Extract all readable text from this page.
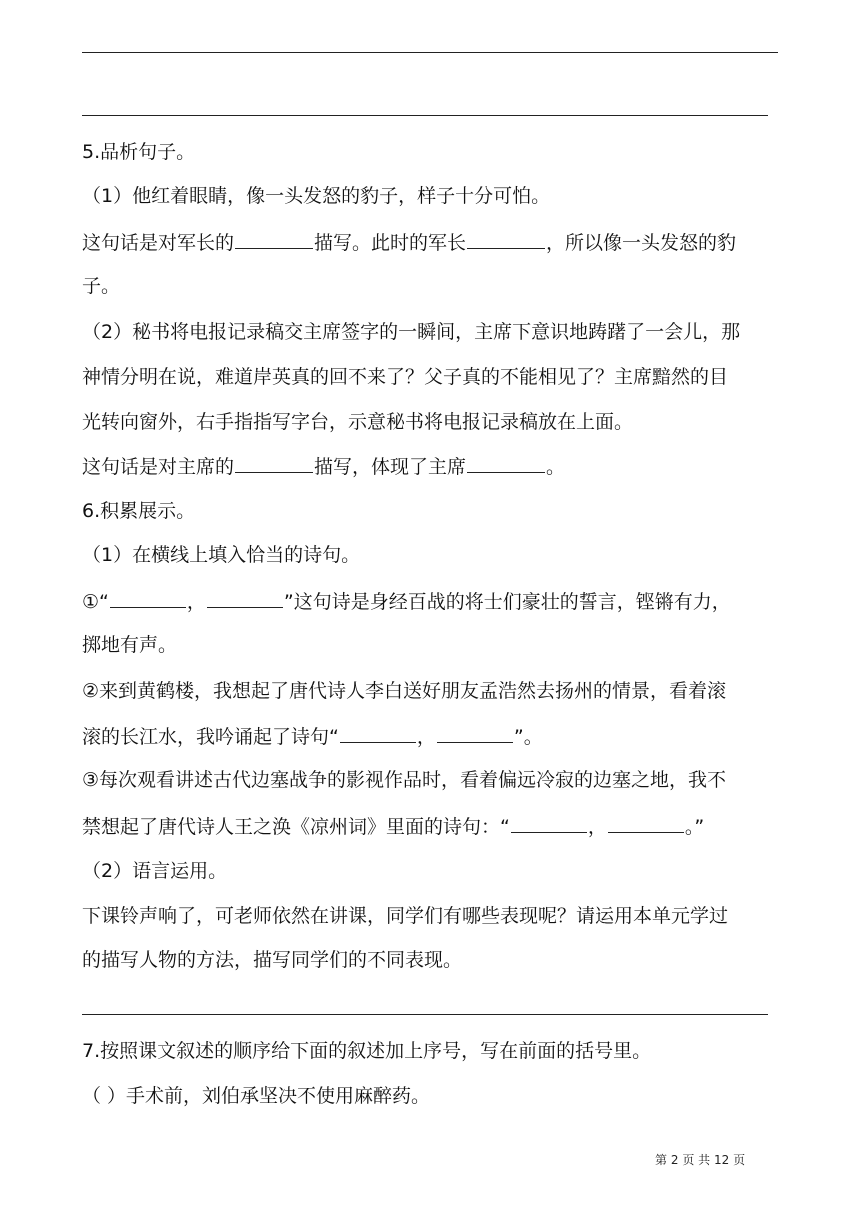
5.品析句子。
（1）他红着眼睛，像一头发怒的豹子，样子十分可怕。
这句话是对军长的	描写。此时的军长	，所以像一头发怒的豹
子。
（2）秘书将电报记录稿交主席签字的一瞬间，主席下意识地踌躇了一会儿，那
神情分明在说，难道岸英真的回不来了？父子真的不能相见了？主席黯然的目
光转向窗外，右手指指写字台，示意秘书将电报记录稿放在上面。
这句话是对主席的	描写，体现了主席	。
6.积累展示。
（1）在横线上填入恰当的诗句。
①“	，	”这句诗是身经百战的将士们豪壮的誓言，铿锵有力，
掷地有声。
②来到黄鹤楼，我想起了唐代诗人李白送好朋友孟浩然去扬州的情景，看着滚
滚的长江水，我吟诵起了诗句“	，	”。
③每次观看讲述古代边塞战争的影视作品时，看着偏远冷寂的边塞之地，我不
禁想起了唐代诗人王之涣《凉州词》里面的诗句：“	，	。”
（2）语言运用。
下课铃声响了，可老师依然在讲课，同学们有哪些表现呢？请运用本单元学过
的描写人物的方法，描写同学们的不同表现。
7.按照课文叙述的顺序给下面的叙述加上序号，写在前面的括号里。
（ ）手术前，刘伯承坚决不使用麻醉药。
第 2 页 共 12 页
